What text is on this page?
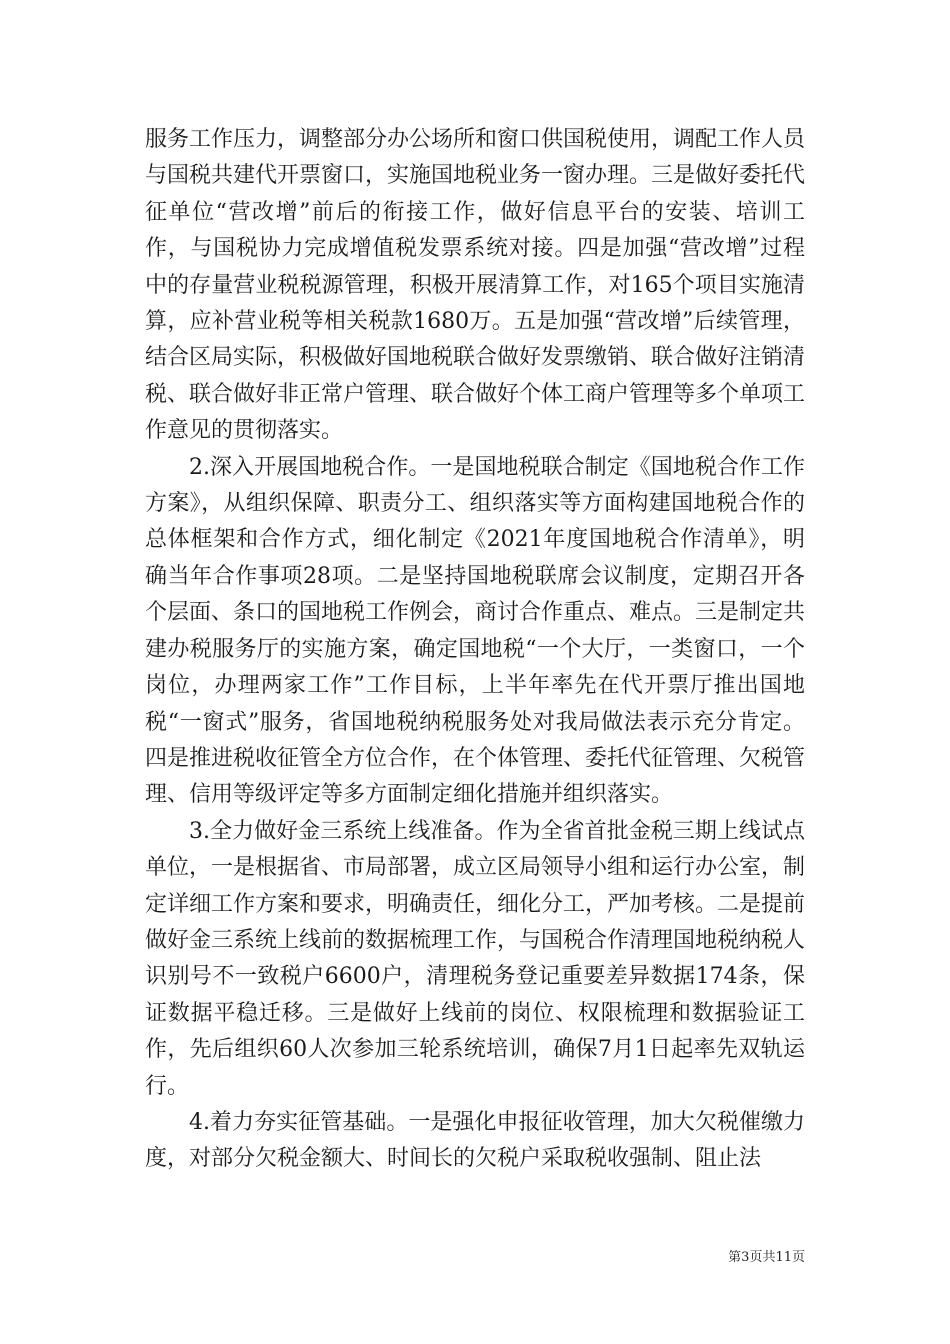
服务工作压力，调整部分办公场所和窗口供国税使用，调配工作人员与国税共建代开票窗口，实施国地税业务一窗办理。三是做好委托代征单位“营改增”前后的衔接工作，做好信息平台的安装、培训工作，与国税协力完成增值税发票系统对接。四是加强“营改增”过程中的存量营业税税源管理，积极开展清算工作，对165个项目实施清算，应补营业税等相关税款1680万。五是加强“营改增”后续管理，结合区局实际，积极做好国地税联合做好发票缴销、联合做好注销清税、联合做好非正常户管理、联合做好个体工商户管理等多个单项工作意见的贯彻落实。

2.深入开展国地税合作。一是国地税联合制定《国地税合作工作方案》，从组织保障、职责分工、组织落实等方面构建国地税合作的总体框架和合作方式，细化制定《2021年度国地税合作清单》，明确当年合作事项28项。二是坚持国地税联席会议制度，定期召开各个层面、条口的国地税工作例会，商讨合作重点、难点。三是制定共建办税服务厅的实施方案，确定国地税“一个大厅，一类窗口，一个岗位，办理两家工作”工作目标，上半年率先在代开票厅推出国地税“一窗式”服务，省国地税纳税服务处对我局做法表示充分肯定。四是推进税收征管全方位合作，在个体管理、委托代征管理、欠税管理、信用等级评定等多方面制定细化措施并组织落实。

3.全力做好金三系统上线准备。作为全省首批金税三期上线试点单位，一是根据省、市局部署，成立区局领导小组和运行办公室，制定详细工作方案和要求，明确责任，细化分工，严加考核。二是提前做好金三系统上线前的数据梳理工作，与国税合作清理国地税纳税人识别号不一致税户6600户，清理税务登记重要差异数据174条，保证数据平稳迁移。三是做好上线前的岗位、权限梳理和数据验证工作，先后组织60人次参加三轮系统培训，确保7月1日起率先双轨运行。

4.着力夯实征管基础。一是强化申报征收管理，加大欠税催缴力度，对部分欠税金额大、时间长的欠税户采取税收强制、阻止法

第3页共11页
